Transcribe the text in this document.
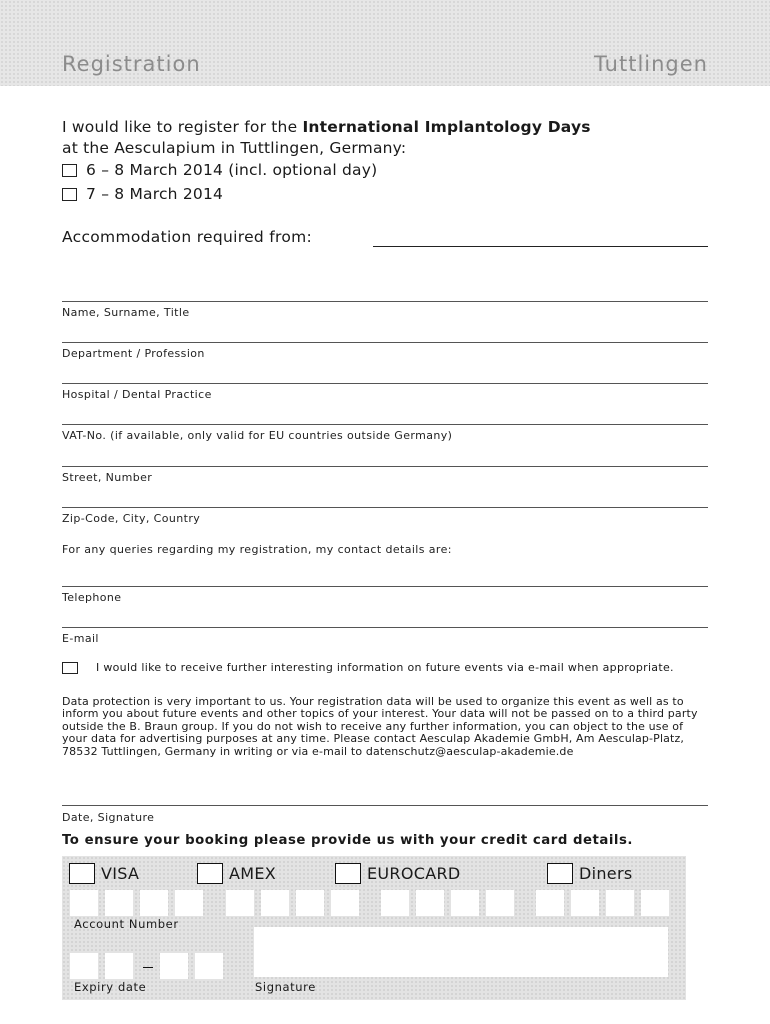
Registration	Tuttlingen
I would like to register for the International Implantology Days
at the Aesculapium in Tuttlingen, Germany:
6 – 8 March 2014 (incl. optional day)
7 – 8 March 2014
Accommodation required from:
Name, Surname, Title
Department / Profession
Hospital / Dental Practice
VAT-No. (if available, only valid for EU countries outside Germany)
Street, Number
Zip-Code, City, Country
For any queries regarding my registration, my contact details are:
Telephone
E-mail
I would like to receive further interesting information on future events via e-mail when appropriate.
Data protection is very important to us. Your registration data will be used to organize this event as well as to inform you about future events and other topics of your interest. Your data will not be passed on to a third party outside the B. Braun group. If you do not wish to receive any further information, you can object to the use of your data for advertising purposes at any time. Please contact Aesculap Akademie GmbH, Am Aesculap-Platz, 78532 Tuttlingen, Germany in writing or via e-mail to datenschutz@aesculap-akademie.de
Date, Signature
To ensure your booking please provide us with your credit card details.
VISA	AMEX	EUROCARD	Diners
Account Number
Expiry date	Signature
